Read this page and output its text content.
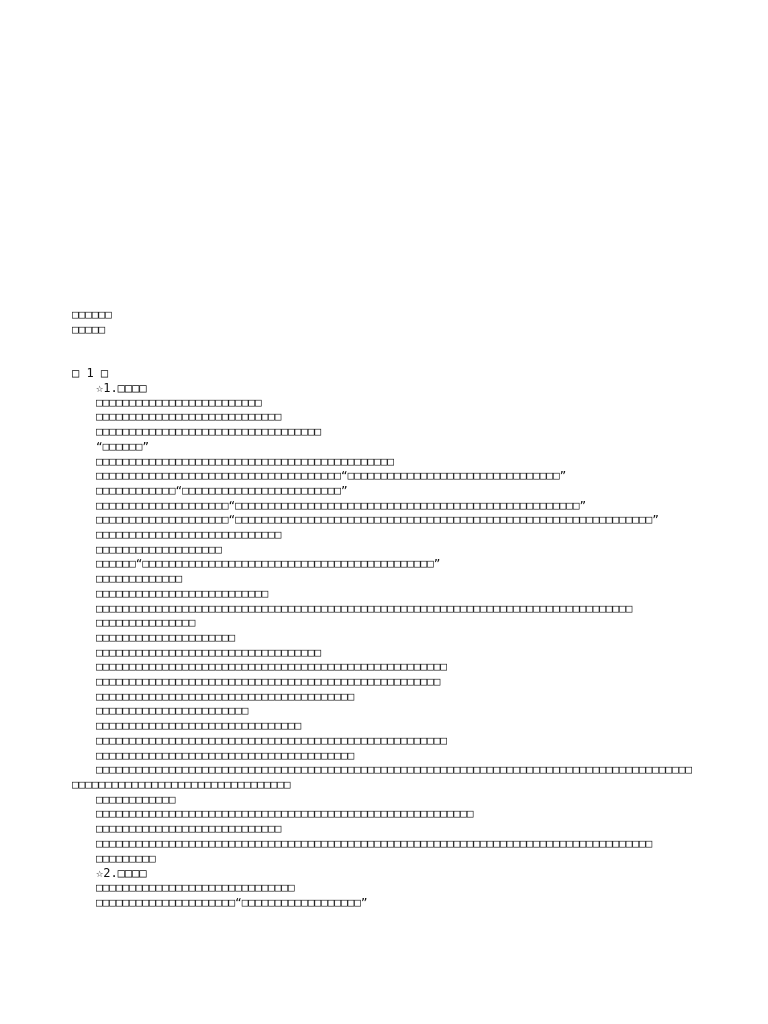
□□□□□□
□□□□□
□ 1 □
☆1.□□□□
□□□□□□□□□□□□□□□□□□□□□□□□□
□□□□□□□□□□□□□□□□□□□□□□□□□□□□
□□□□□□□□□□□□□□□□□□□□□□□□□□□□□□□□□□
“□□□□□□”
□□□□□□□□□□□□□□□□□□□□□□□□□□□□□□□□□□□□□□□□□□□□□
□□□□□□□□□□□□□□□□□□□□□□□□□□□□□□□□□□□□□“□□□□□□□□□□□□□□□□□□□□□□□□□□□□□□□□”
□□□□□□□□□□□□“□□□□□□□□□□□□□□□□□□□□□□□□”
□□□□□□□□□□□□□□□□□□□□“□□□□□□□□□□□□□□□□□□□□□□□□□□□□□□□□□□□□□□□□□□□□□□□□□□□□”
□□□□□□□□□□□□□□□□□□□□“□□□□□□□□□□□□□□□□□□□□□□□□□□□□□□□□□□□□□□□□□□□□□□□□□□□□□□□□□□□□□□□”
□□□□□□□□□□□□□□□□□□□□□□□□□□□□
□□□□□□□□□□□□□□□□□□□
□□□□□□“□□□□□□□□□□□□□□□□□□□□□□□□□□□□□□□□□□□□□□□□□□□□”
□□□□□□□□□□□□□
□□□□□□□□□□□□□□□□□□□□□□□□□□
□□□□□□□□□□□□□□□□□□□□□□□□□□□□□□□□□□□□□□□□□□□□□□□□□□□□□□□□□□□□□□□□□□□□□□□□□□□□□□□□□
□□□□□□□□□□□□□□□
□□□□□□□□□□□□□□□□□□□□□
□□□□□□□□□□□□□□□□□□□□□□□□□□□□□□□□□□
□□□□□□□□□□□□□□□□□□□□□□□□□□□□□□□□□□□□□□□□□□□□□□□□□□□□□
□□□□□□□□□□□□□□□□□□□□□□□□□□□□□□□□□□□□□□□□□□□□□□□□□□□□
□□□□□□□□□□□□□□□□□□□□□□□□□□□□□□□□□□□□□□□
□□□□□□□□□□□□□□□□□□□□□□□
□□□□□□□□□□□□□□□□□□□□□□□□□□□□□□□
□□□□□□□□□□□□□□□□□□□□□□□□□□□□□□□□□□□□□□□□□□□□□□□□□□□□□
□□□□□□□□□□□□□□□□□□□□□□□□□□□□□□□□□□□□□□□
□□□□□□□□□□□□□□□□□□□□□□□□□□□□□□□□□□□□□□□□□□□□□□□□□□□□□□□□□□□□□□□□□□□□□□□□□□□□□□□□□□□□□□□□□□□□□□□□□□□□□□□□□□□□□□□□□□□□□□□□□□□
□□□□□□□□□□□□
□□□□□□□□□□□□□□□□□□□□□□□□□□□□□□□□□□□□□□□□□□□□□□□□□□□□□□□□□
□□□□□□□□□□□□□□□□□□□□□□□□□□□□
□□□□□□□□□□□□□□□□□□□□□□□□□□□□□□□□□□□□□□□□□□□□□□□□□□□□□□□□□□□□□□□□□□□□□□□□□□□□□□□□□□□□
□□□□□□□□□
☆2.□□□□
□□□□□□□□□□□□□□□□□□□□□□□□□□□□□□
□□□□□□□□□□□□□□□□□□□□□“□□□□□□□□□□□□□□□□□□”
